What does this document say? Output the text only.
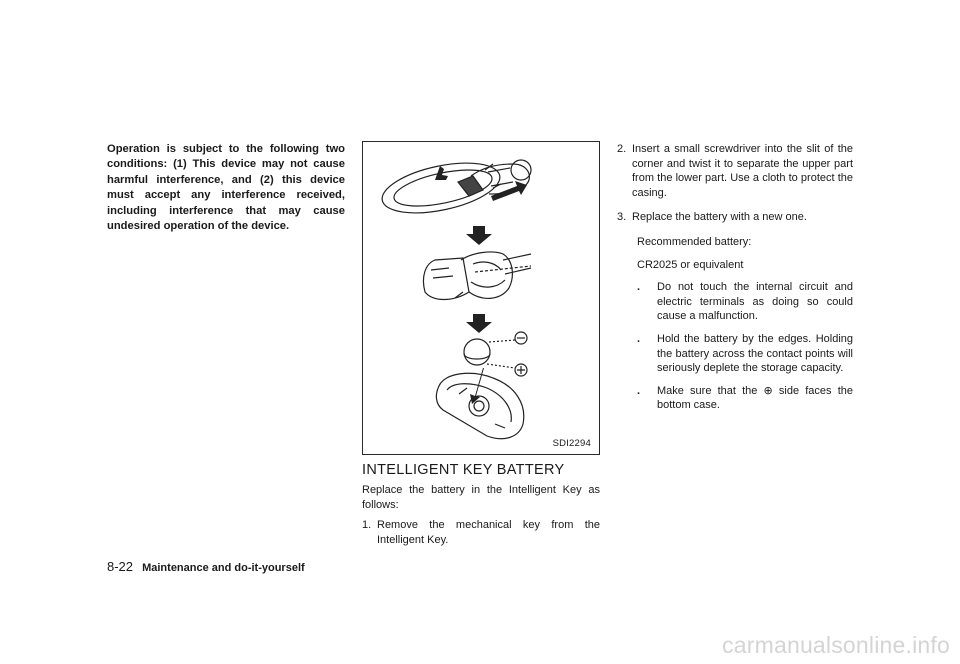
Operation is subject to the following two conditions: (1) This device may not cause harmful interference, and (2) this device must accept any interference received, including interference that may cause undesired operation of the device.
SDI2294
INTELLIGENT KEY BATTERY

Replace the battery in the Intelligent Key as follows:

1. Remove the mechanical key from the Intelligent Key.
2. Insert a small screwdriver into the slit of the corner and twist it to separate the upper part from the lower part. Use a cloth to protect the casing.
3. Replace the battery with a new one.

Recommended battery:

CR2025 or equivalent

.	Do not touch the internal circuit and electric terminals as doing so could cause a malfunction.
.	Hold the battery by the edges. Holding the battery across the contact points will seriously deplete the storage capacity.
.	Make sure that the ⊕ side faces the bottom case.
8-22 Maintenance and do-it-yourself
carmanualsonline.info
